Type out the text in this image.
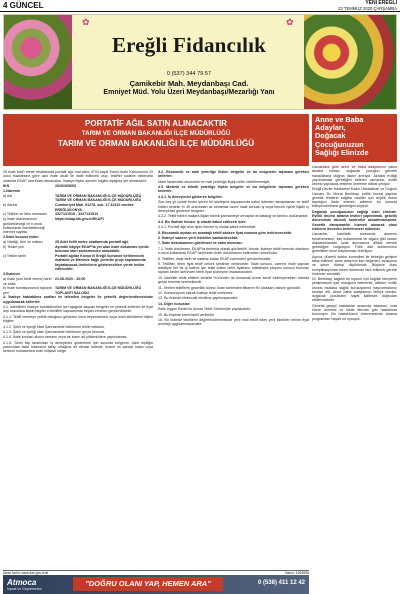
4 GÜNCEL	YENİ EREĞLİ
23 TEMMUZ 2020 ÇARŞAMBA
✿	✿
Ereğli Fidancılık
0 (537) 344 79 57
Çamikebir Mah. Meydanbaşı Cad.
Emniyet Müd. Yolu Üzeri Meydanbaşı/Mezarlığı Yanı
PORTATİF AĞIL SATIN ALINACAKTIR
TARIM VE ORMAN BAKANLIĞI İLÇE MÜDÜRLÜĞÜ
TARIM VE ORMAN BAKANLIĞI İLÇE MÜDÜRLÜĞÜ

25 Adet 6x50 metre ebatlarında portatif ağıl mal alımı 4734 sayılı Kamu İhale Kanununun 19 uncu maddesine göre açık ihale usulü ile ihale edilecek olup, teklifler sadece elektronik ortamda EKAP üzerinden alınacaktır. İhaleye ilişkin ayrıntılı bilgiler aşağıda yer almaktadır:

İKN	2020/365653

1-İdarenin

a) Adı	TARIM VE ORMAN BAKANLIĞI İLÇE MÜDÜRLÜĞÜ TARIM VE ORMAN BAKANLIĞI İLÇE MÜDÜRLÜĞÜ
b) Adresi	Cumhuriyet Mah. 91278. sok. 17 42310 merkez EREĞLİ/KONYA
c) Telefon ve faks numarası	3327131915 - 3327131913
ç) İhale dokümanının görülebileceği ve e-imza kullanılarak indirilebileceği internet sayfası
https://ekap.kik.gov.tr/EKAP/

2-İhale konusu malın

a) Niteliği, türü ve miktarı	25 Adet 6x50 metre ebatlarında portatif ağıl
b) Teslim yeri	Ayrıntılı bilgiye EKAP'ta yer alan ihale dokümanı içinde bulunan idari şartnameden ulaşılabilir.
c) Teslim tarihi	Portatif ağıllar Konya ili Ereğli ilçesinde belirlenecek mahalde ve Merkeze bağlı yerlerde proje kapsamında faydalanacak üreticilerin gösterecekleri yerde teslim edilecektir.

3-İhalenin

a) İhale (son teklif verme) tarih ve saati
21.08.2020 - 10:00
b) İhale komisyonunun toplantı yeri
TARIM VE ORMAN BAKANLIĞI İLÇE MÜDÜRLÜĞÜ TOPLANTI SALONU

4. İhaleye katılabilme şartları ve istenilen belgeler ile yeterlik değerlendirmesinde uygulanacak kriterler:

4.1. İsteklilerin ihaleye katılabilmeleri için aşağıda sayılan belgeler ve yeterlik kriterleri ile fiyat dışı unsurlara ilişkin bilgiler e-teklifleri kapsamında beyan etmeleri gerekmektedir.

4.1.1. Teklif vermeye yetkili olduğunu gösteren imza beyannamesi veya imza sirkülerine ilişkin bilgiler;

4.1.2. Şekli ve içeriği İdari Şartnamede belirlenen teklif mektubu,

4.1.3. Şekli ve içeriği İdari Şartnamede belirlenen geçici teminat,

4.1.4. İhale konusu alımın tamamı veya bir kısmı alt yüklenicilere yaptırılamaz.

4.1.5. Tüzel kişi tarafından iş deneyimini göstermek için sunulan belgenin, tüzel kişiliğin yarısından fazla hissesine sahip ortağına ait olması halinde, ticaret ve sanayi odası veya serbest muhasebeci mali müşavir belge.

4.2. Ekonomik ve mali yeterliğe ilişkin belgeler ve bu belgelerin taşıması gereken kriterler:

İdare tarafından ekonomik ve mali yeterliğe ilişkin kriter belirtilmemiştir.

4.3. Mesleki ve teknik yeterliğe ilişkin belgeler ve bu belgelerin taşıması gereken kriterler:

4.3.1. İş deneyimini gösteren belgeler:

Son beş yıl içinde bedel içeren bir sözleşme kapsamında kabul işlemleri tamamlanan ve teklif edilen bedelin % 40 oranından az olmamak üzere ihale konusu iş veya benzer işlere ilişkin iş deneyimini gösteren belgeler.

4.3.2. Teklif edilen mallara ilişkin teknik şartnameye cevaplar ile katalog ve tanıtıcı dokümanlar.

4.4. Bu ihalede benzer iş olarak kabul edilecek işler:

4.4.1. Portatif ağıl alım işleri benzer iş olarak kabul edilecektir.

5. Ekonomik açıdan en avantajlı teklif sadece fiyat esasına göre belirlenecektir.

6. İhaleye sadece yerli istekliler katılabilecektir.

7. İhale dokümanının görülmesi ve satın alınması:

7.1. İhale dokümanı, EKAP'ta bedelsiz olarak görülebilir. Ancak, ihaleye teklif verecek olanların e-imza kullanarak EKAP üzerinden ihale dokümanını indirmeleri zorunludur.

8. Teklifler, ihale tarih ve saatine kadar EKAP üzerinden gönderilecektir.

9. Teklifler, birim fiyat teklif cetveli şeklinde verilecektir. İhale sonucu, üzerine ihale yapılan istekliyle her bir iş kalemi için teklif edilen birim fiyatların miktarlarla çarpımı sonucu bulunan toplam bedel üzerinden birim fiyat sözleşme imzalanacaktır.

10. İstekliler teklif ettikleri bedelin %3'ünden az olmamak üzere kendi belirleyecekleri tutarda geçici teminat vereceklerdir.

11. Verilen tekliflerin geçerlilik süresi, ihale tarihinden itibaren 90 (doksan) takvim günüdür.

12. Konsorsiyum olarak ihaleye teklif verilemez.

13. Bu ihalede elektronik eksiltme yapılmayacaktır.

14. Diğer hususlar:

İhale Uygun Bedel ile Alınan Teklif Yöntemiyle yapılacaktır.

15. Bu ihalede kısmi teklif verilebilir.

16. Bu ihalede tekliflerin değerlendirilmesinde yerli malı teklif eden yerli istekliler lehine fiyat avantajı uygulanmayacaktır.

İlanın tarihi: www.ilan.gov.tr'de	Basın: 1265596
Anne ve Baba Adayları,
Doğacak Çocuğunuzun
Sağlığı Elinizde

Uzmanlara göre anne ve baba adaylarının yakın akraba olması, doğacak çocuğun genetik hastalıklarla doğma riskini artırıyor. Akraba evliliği yapılmaması gerektiğini belirten uzmanlar, evlilik öncesi yapılacak testlerin önemine dikkat çekiyor.

Ereğli Devlet Hastanesi Kadın Hastalıkları ve Doğum Uzmanı Dr. Murat Berikbay, evlilik öncesi yapılan genetik testlerin sağlıklı nesiller için büyük önem taşıdığını ifade ederek, ailelerin bu konuda bilinçlendirilmesi gerektiğini söyledi.

Doğacak çocuğunuzun sağlığı sizin elinizde. Evlilik öncesi tarama testleri yaptırılmalı, gebelik döneminde düzenli kontroller aksatılmamalıdır. Genetik danışmanlık hizmeti alınarak olası risklerin önceden belirlenmesi mümkün.

Uzmanlar, hamilelik sürecinde annenin beslenmesine, ilaç kullanımına ve sigara gibi zararlı alışkanlıklardan uzak durmasına dikkat etmesi gerektiğini vurguluyor. Folik asit kullanımının gebelikten önce başlanması öneriliyor.

Ayrıca, düzenli doktor kontrolleri ile bebeğin gelişimi takip edilmeli, anne adayının kan değerleri, tansiyonu ve şeker düzeyi ölçülmelidir. Böylece olası komplikasyonlar erken dönemde fark edilerek gerekli önlemler alınabilir.

Dr. Berikbay, sağlıklı bir toplum için sağlıklı bireylerin yetişmesinin şart olduğunu belirterek, ailelere evlilik öncesi mutlaka sağlık kuruluşlarına başvurmalarını tavsiye etti. Anne baba adaylarının bilinçli olması, doğacak çocukların hayat kalitesini doğrudan etkilemektedir.

Genetik geçişli hastalıklar arasında talasemi, orak hücre anemisi ve kistik fibrozis gibi hastalıklar bulunuyor. Bu hastalıkların önlenmesinde tarama programları hayati rol oynuyor.

Atmoca
İnşaat ve Gayrimenkul
"DOĞRU OLANI YAP, HEMEN ARA"	0 (538) 411 12 42
